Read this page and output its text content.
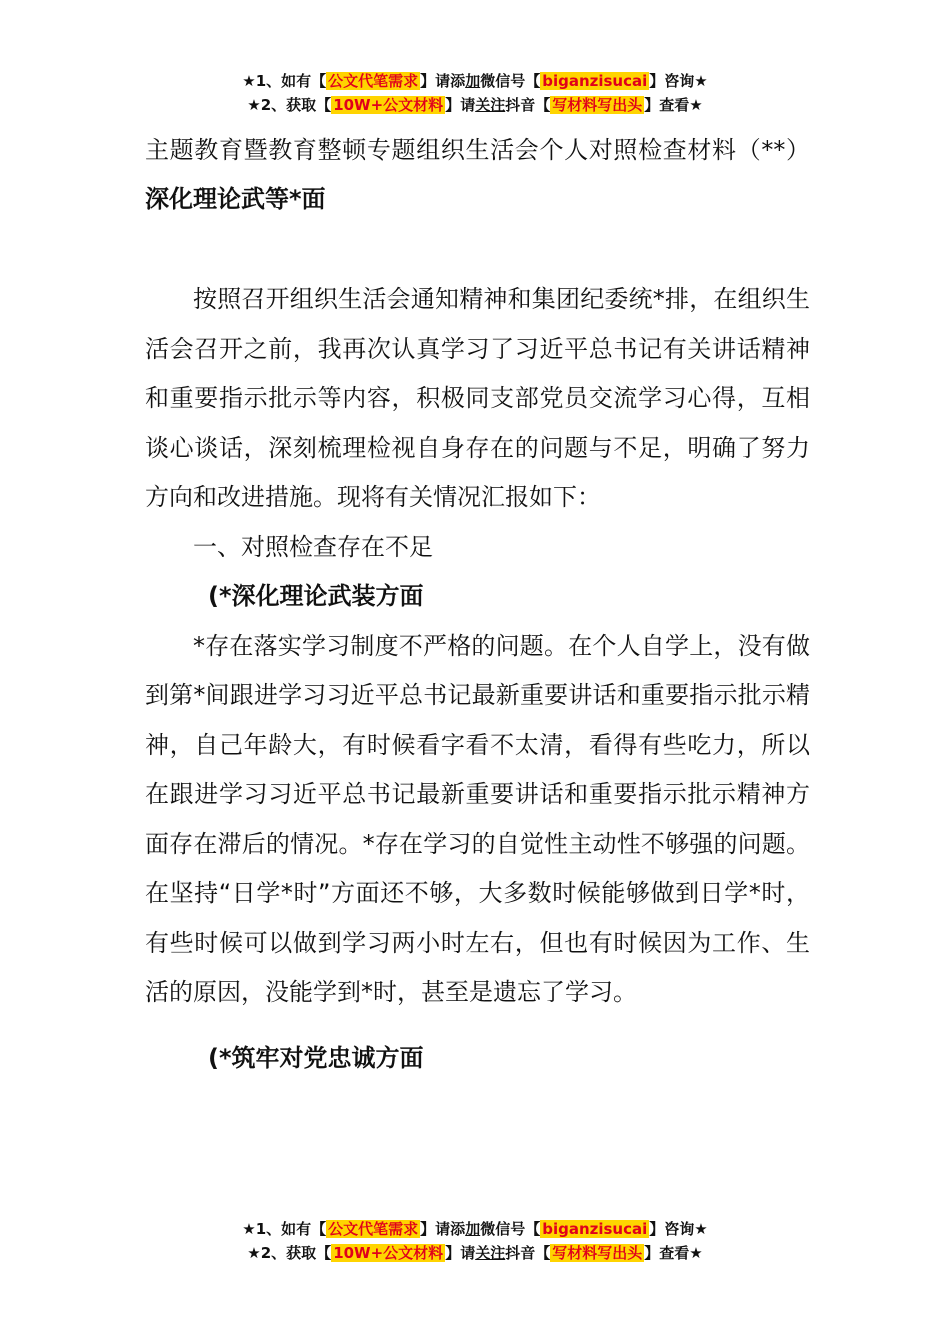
★1、如有【 公文代笔需求 】请添加微信号【 biganzisucai 】咨询★
★2、获取【 10W+公文材料 】请关注抖音【 写材料写出头 】查看★
主题教育暨教育整顿专题组织生活会个人对照检查材料（**）深化理论武等*面

按照召开组织生活会通知精神和集团纪委统*排，在组织生活会召开之前，我再次认真学习了习近平总书记有关讲话精神和重要指示批示等内容，积极同支部党员交流学习心得，互相谈心谈话，深刻梳理检视自身存在的问题与不足，明确了努力方向和改进措施。现将有关情况汇报如下：

一、对照检查存在不足

(*深化理论武装方面

*存在落实学习制度不严格的问题。在个人自学上，没有做到第*间跟进学习习近平总书记最新重要讲话和重要指示批示精神，自己年龄大，有时候看字看不太清，看得有些吃力，所以在跟进学习习近平总书记最新重要讲话和重要指示批示精神方面存在滞后的情况。*存在学习的自觉性主动性不够强的问题。在坚持“日学*时”方面还不够，大多数时候能够做到日学*时，有些时候可以做到学习两小时左右，但也有时候因为工作、生活的原因，没能学到*时，甚至是遗忘了学习。

(*筑牢对党忠诚方面

★1、如有【 公文代笔需求 】请添加微信号【 biganzisucai 】咨询★
★2、获取【 10W+公文材料 】请关注抖音【 写材料写出头 】查看★
